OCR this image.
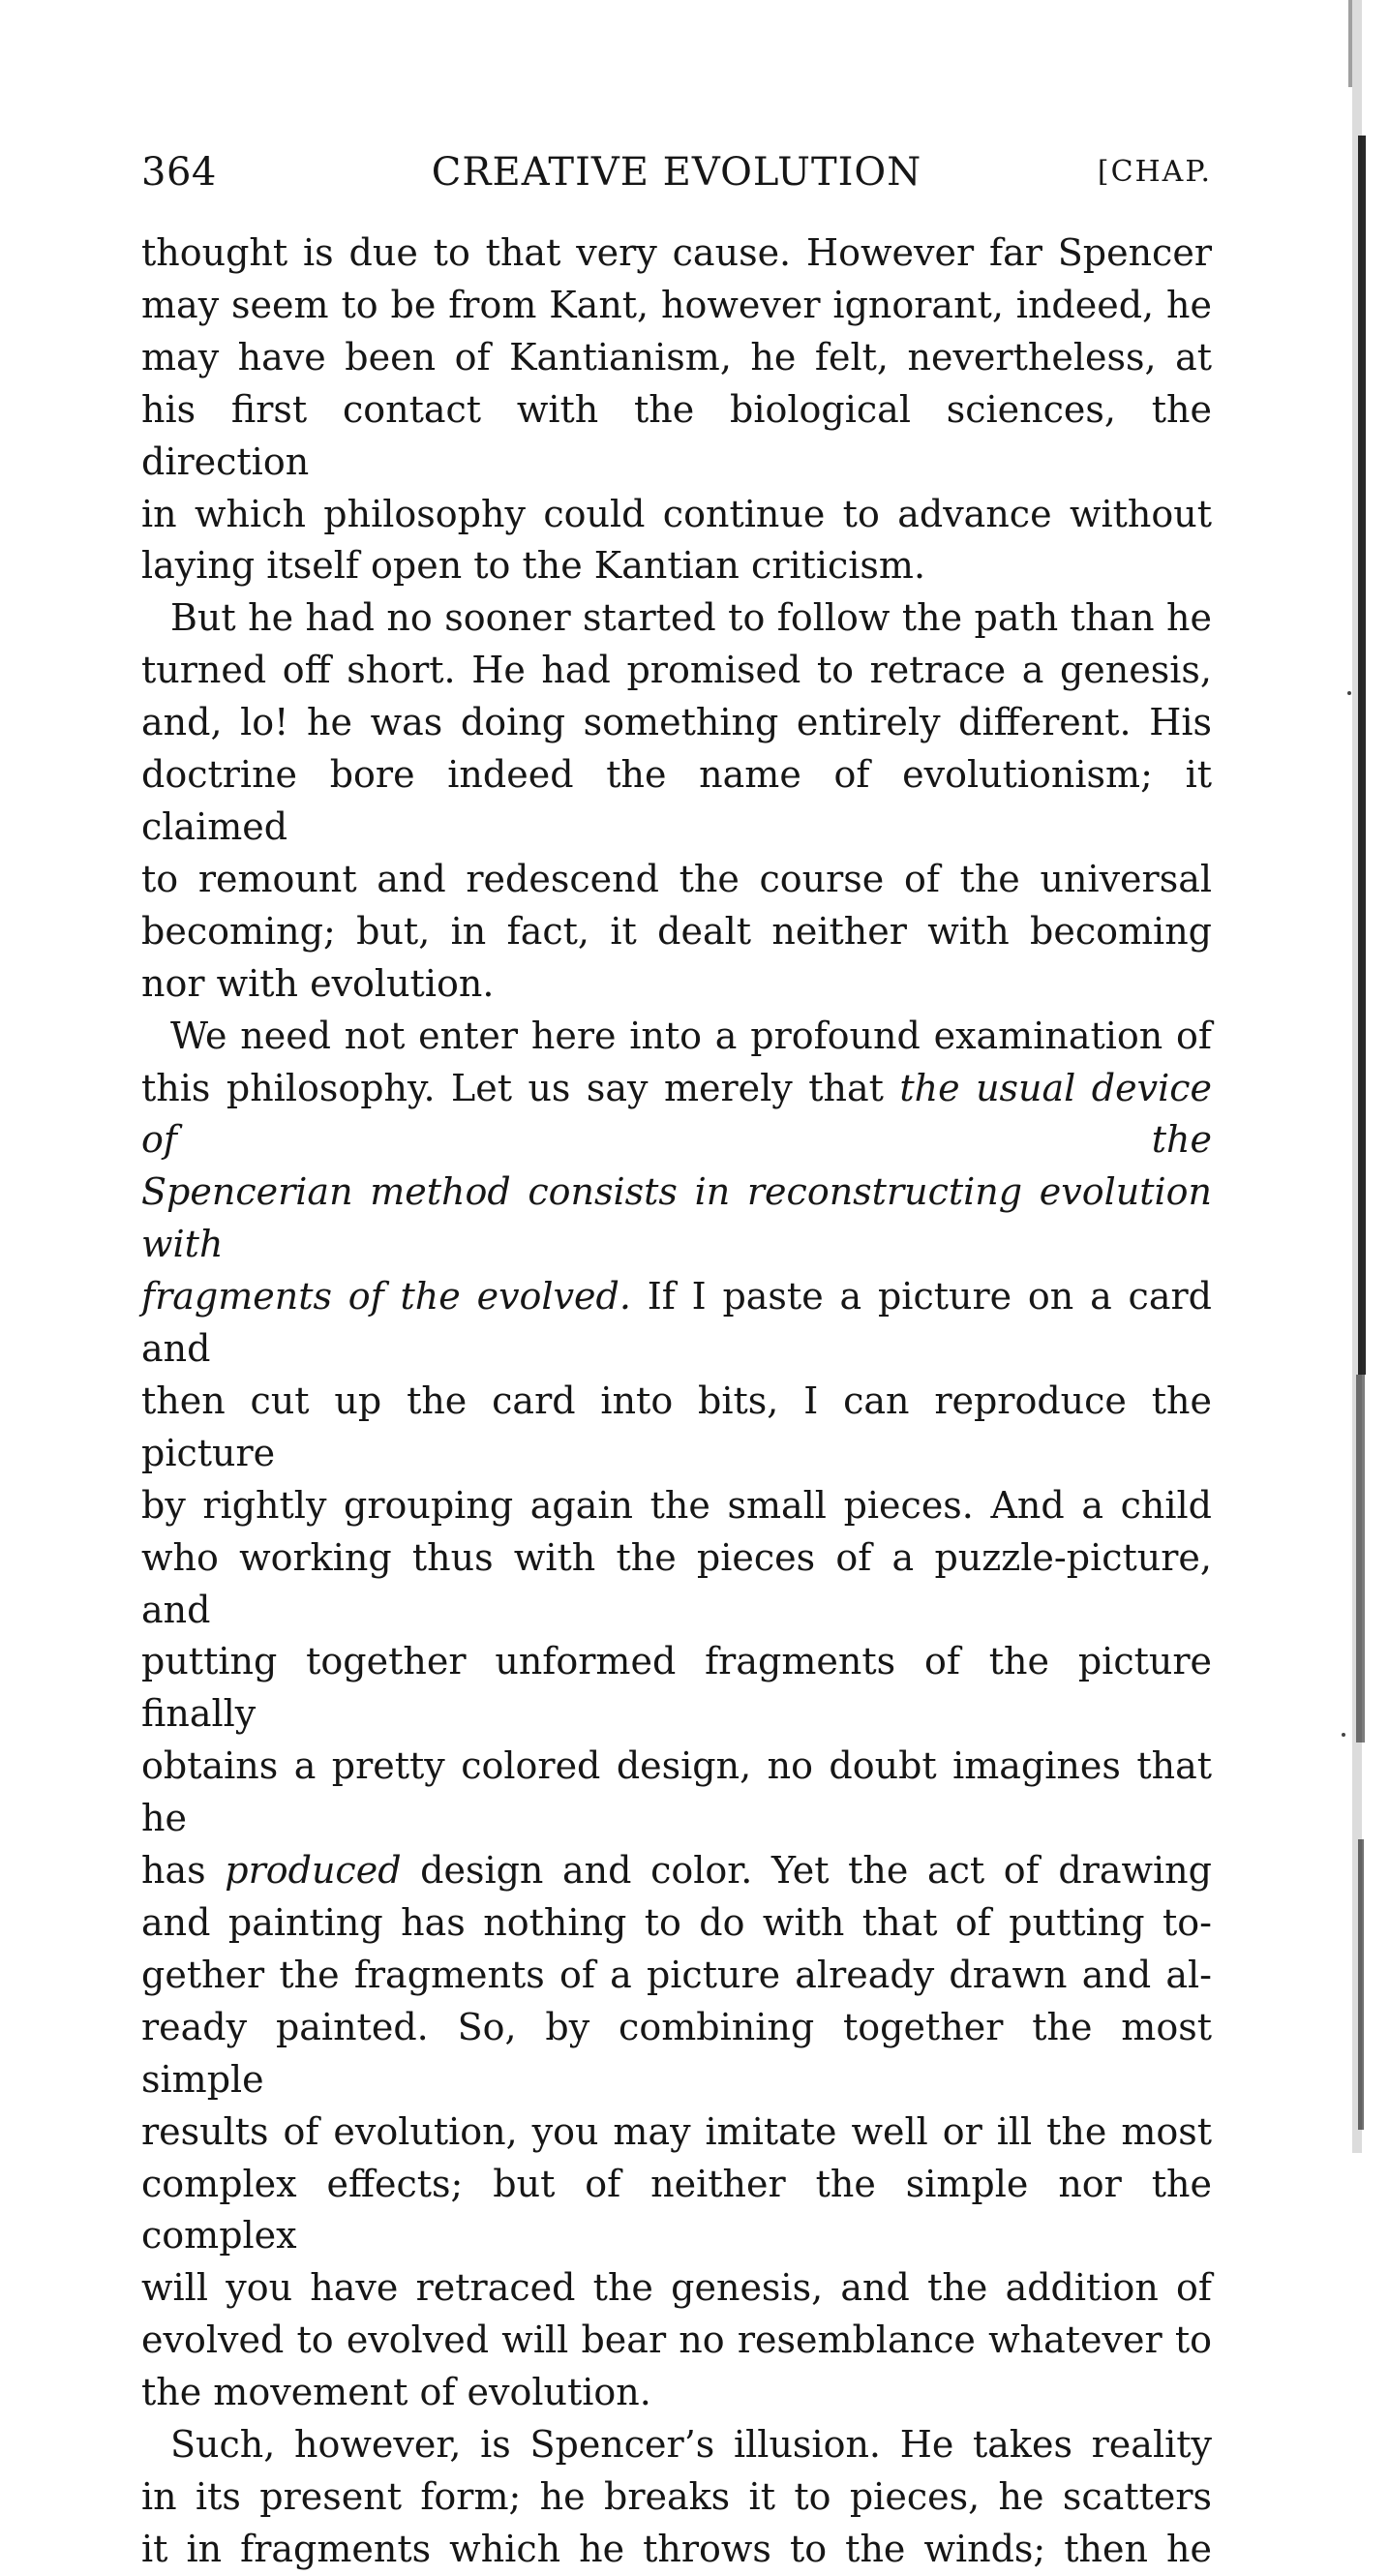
364	CREATIVE EVOLUTION	[CHAP.
thought is due to that very cause. However far Spencer
may seem to be from Kant, however ignorant, indeed, he
may have been of Kantianism, he felt, nevertheless, at
his first contact with the biological sciences, the direction
in which philosophy could continue to advance without
laying itself open to the Kantian criticism.
But he had no sooner started to follow the path than he
turned off short. He had promised to retrace a genesis,
and, lo! he was doing something entirely different. His
doctrine bore indeed the name of evolutionism; it claimed
to remount and redescend the course of the universal
becoming; but, in fact, it dealt neither with becoming
nor with evolution.
We need not enter here into a profound examination of
this philosophy. Let us say merely that the usual device of the
Spencerian method consists in reconstructing evolution with
fragments of the evolved. If I paste a picture on a card and
then cut up the card into bits, I can reproduce the picture
by rightly grouping again the small pieces. And a child
who working thus with the pieces of a puzzle-picture, and
putting together unformed fragments of the picture finally
obtains a pretty colored design, no doubt imagines that he
has produced design and color. Yet the act of drawing
and painting has nothing to do with that of putting to-
gether the fragments of a picture already drawn and al-
ready painted. So, by combining together the most simple
results of evolution, you may imitate well or ill the most
complex effects; but of neither the simple nor the complex
will you have retraced the genesis, and the addition of
evolved to evolved will bear no resemblance whatever to
the movement of evolution.
Such, however, is Spencer’s illusion. He takes reality
in its present form; he breaks it to pieces, he scatters
it in fragments which he throws to the winds; then he
